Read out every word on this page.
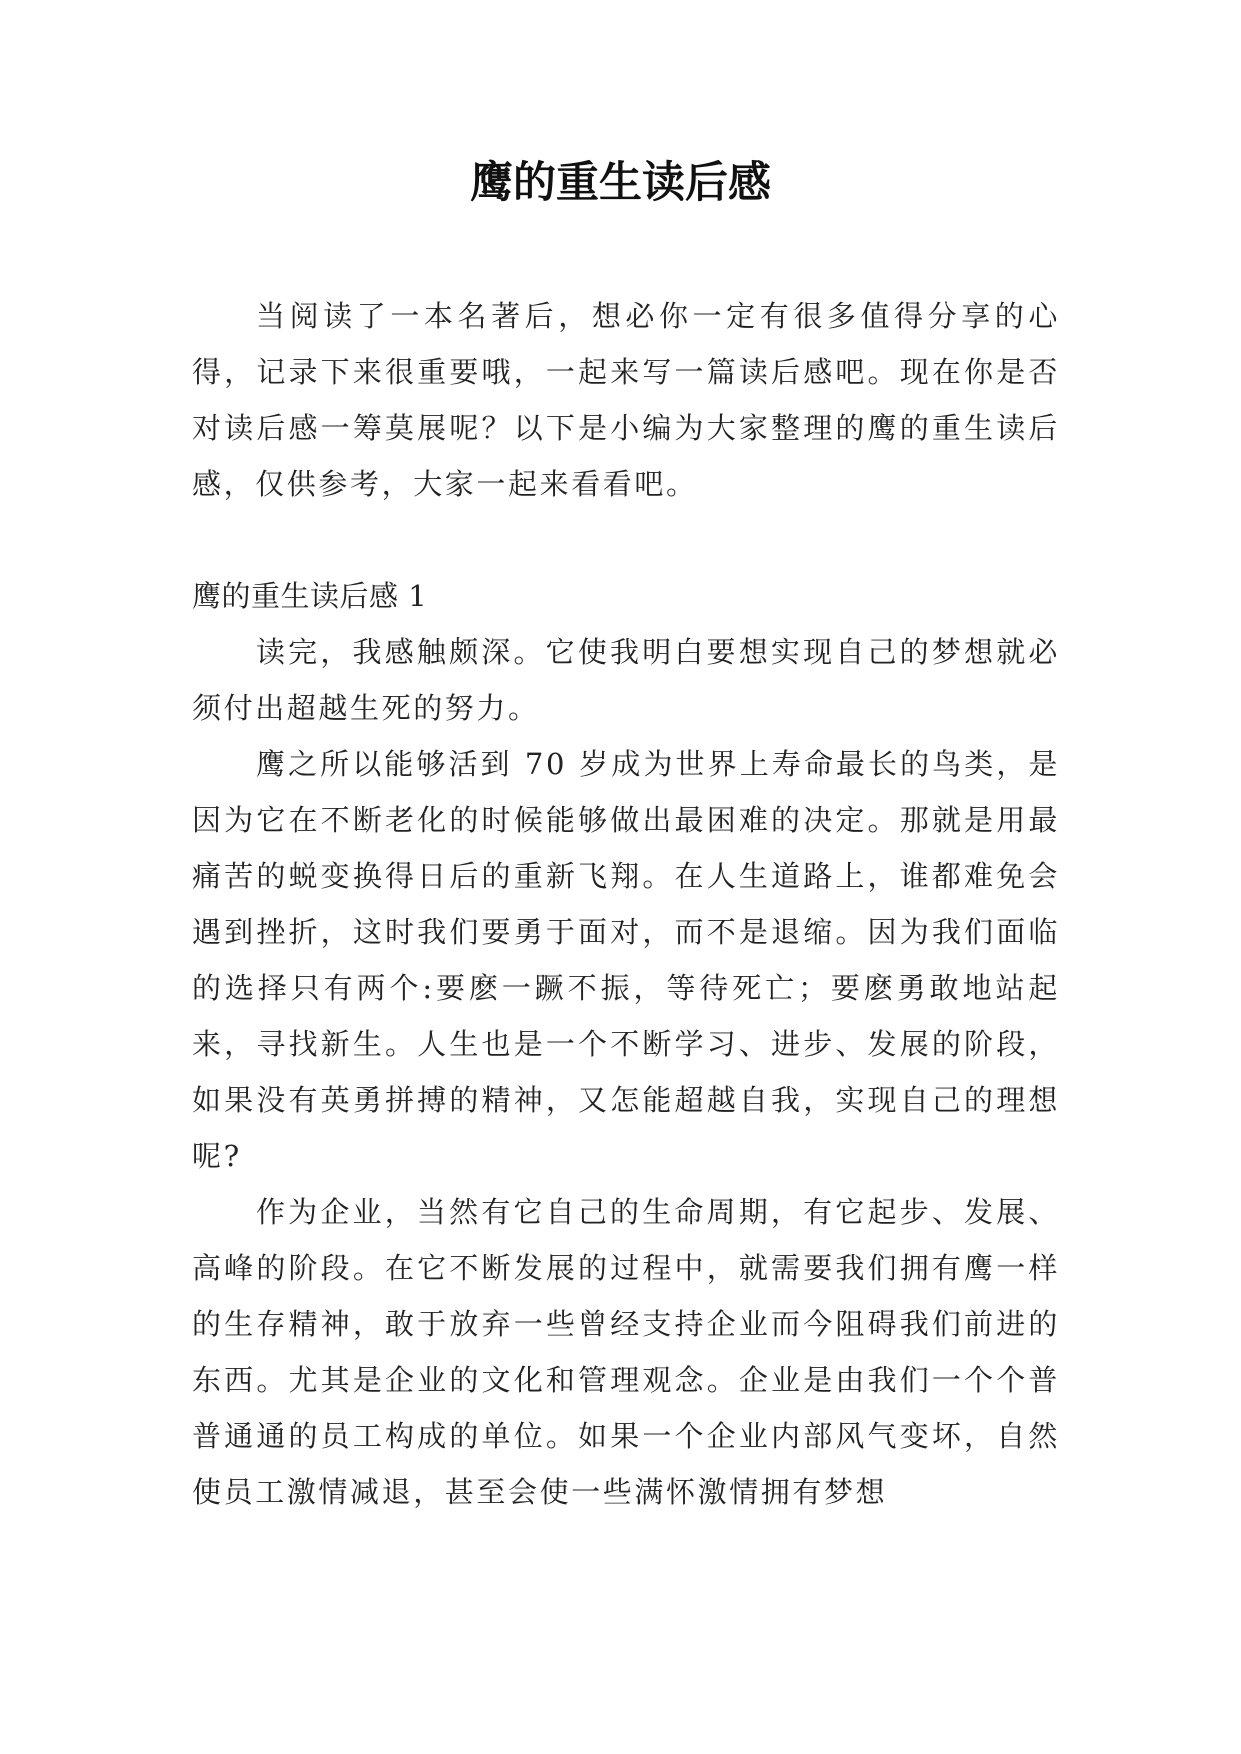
鹰的重生读后感

当阅读了一本名著后，想必你一定有很多值得分享的心得，记录下来很重要哦，一起来写一篇读后感吧。现在你是否对读后感一筹莫展呢？以下是小编为大家整理的鹰的重生读后感，仅供参考，大家一起来看看吧。

鹰的重生读后感 1

读完，我感触颇深。它使我明白要想实现自己的梦想就必须付出超越生死的努力。

鹰之所以能够活到 70 岁成为世界上寿命最长的鸟类，是因为它在不断老化的时候能够做出最困难的决定。那就是用最痛苦的蜕变换得日后的重新飞翔。在人生道路上，谁都难免会遇到挫折，这时我们要勇于面对，而不是退缩。因为我们面临的选择只有两个:要麽一蹶不振，等待死亡；要麽勇敢地站起来，寻找新生。人生也是一个不断学习、进步、发展的阶段，如果没有英勇拼搏的精神，又怎能超越自我，实现自己的理想呢?

作为企业，当然有它自己的生命周期，有它起步、发展、高峰的阶段。在它不断发展的过程中，就需要我们拥有鹰一样的生存精神，敢于放弃一些曾经支持企业而今阻碍我们前进的东西。尤其是企业的文化和管理观念。企业是由我们一个个普普通通的员工构成的单位。如果一个企业内部风气变坏，自然使员工激情减退，甚至会使一些满怀激情拥有梦想
